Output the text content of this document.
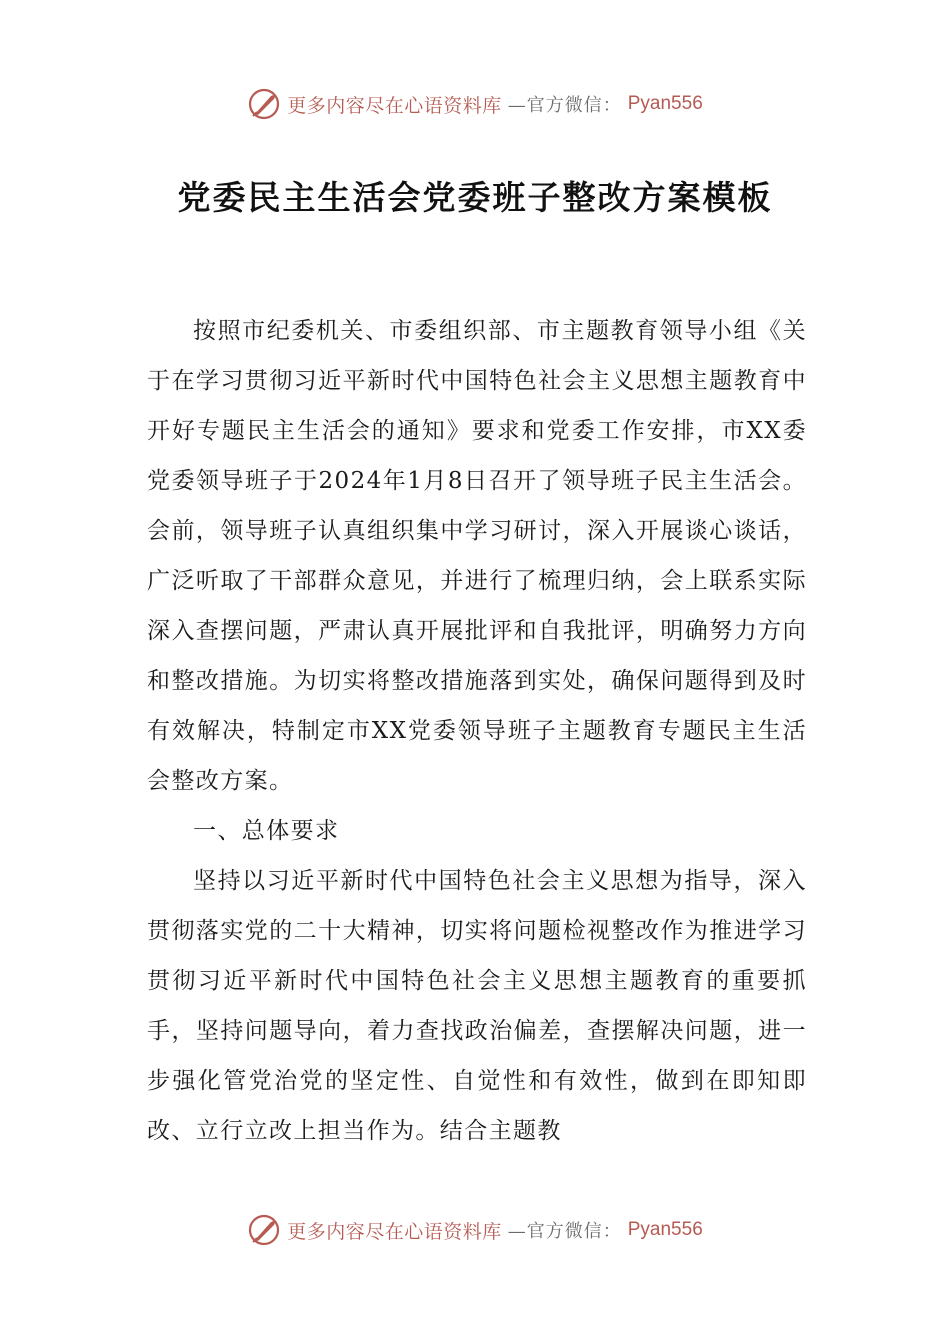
更多内容尽在心语资料库 —官方微信： Pyan556
党委民主生活会党委班子整改方案模板

按照市纪委机关、市委组织部、市主题教育领导小组《关于在学习贯彻习近平新时代中国特色社会主义思想主题教育中开好专题民主生活会的通知》要求和党委工作安排，市XX委党委领导班子于2024年1月8日召开了领导班子民主生活会。会前，领导班子认真组织集中学习研讨，深入开展谈心谈话，广泛听取了干部群众意见，并进行了梳理归纳，会上联系实际深入查摆问题，严肃认真开展批评和自我批评，明确努力方向和整改措施。为切实将整改措施落到实处，确保问题得到及时有效解决，特制定市XX党委领导班子主题教育专题民主生活会整改方案。

一、总体要求

坚持以习近平新时代中国特色社会主义思想为指导，深入贯彻落实党的二十大精神，切实将问题检视整改作为推进学习贯彻习近平新时代中国特色社会主义思想主题教育的重要抓手，坚持问题导向，着力查找政治偏差，查摆解决问题，进一步强化管党治党的坚定性、自觉性和有效性，做到在即知即改、立行立改上担当作为。结合主题教

更多内容尽在心语资料库 —官方微信： Pyan556
